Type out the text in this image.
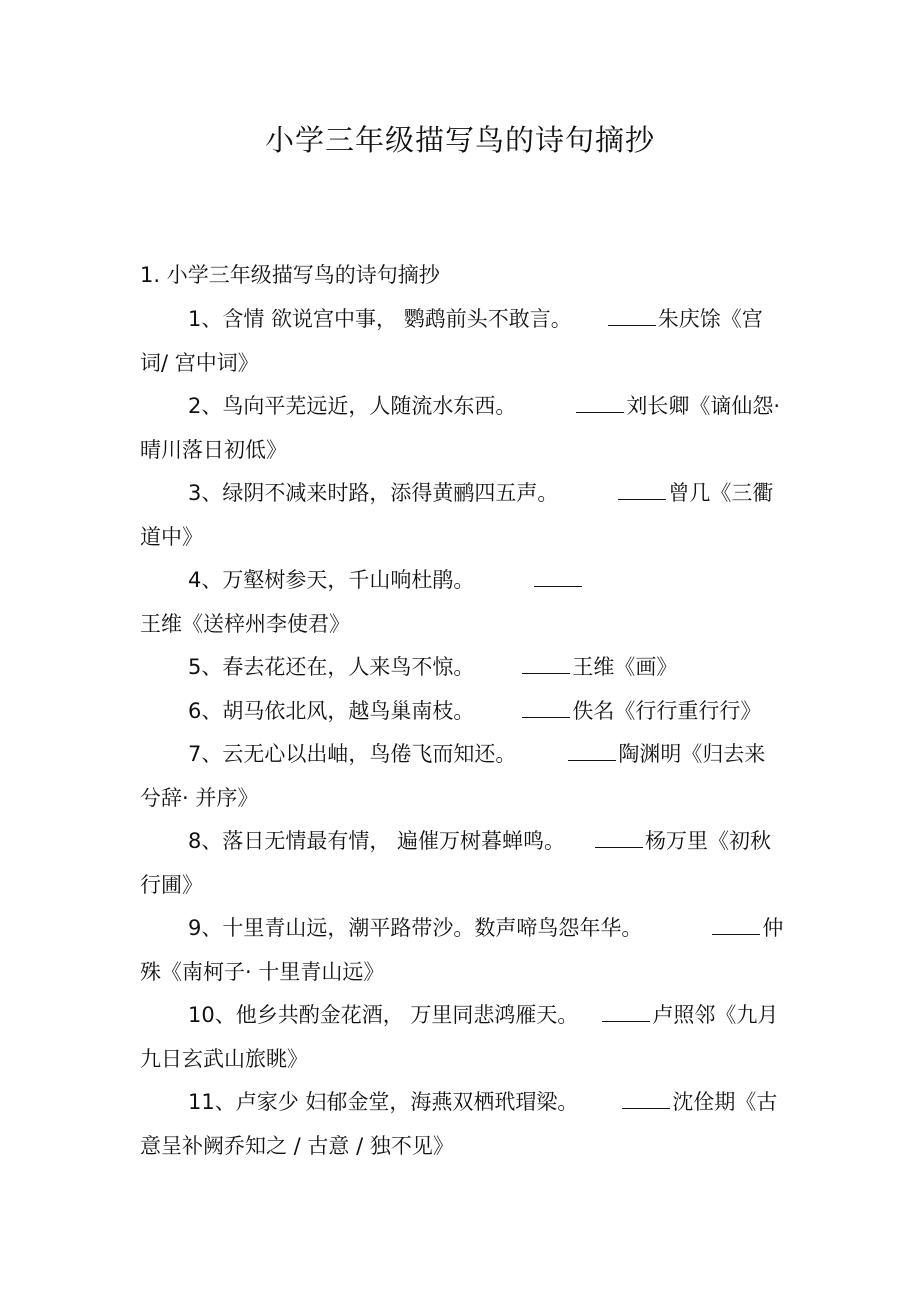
小学三年级描写鸟的诗句摘抄

1. 小学三年级描写鸟的诗句摘抄

1、含情 欲说宫中事， 鹦鹉前头不敢言。	朱庆馀《宫词/ 宫中词》
2、鸟向平芜远近，人随流水东西。	刘长卿《谪仙怨· 晴川落日初低》
3、绿阴不减来时路，添得黄鹂四五声。	曾几《三衢道中》
4、万壑树参天，千山响杜鹃。王维《送梓州李使君》
5、春去花还在，人来鸟不惊。	王维《画》
6、胡马依北风，越鸟巢南枝。	佚名《行行重行行》
7、云无心以出岫，鸟倦飞而知还。	陶渊明《归去来兮辞· 并序》
8、落日无情最有情， 遍催万树暮蝉鸣。	杨万里《初秋行圃》
9、十里青山远，潮平路带沙。数声啼鸟怨年华。	仲殊《南柯子· 十里青山远》
10、他乡共酌金花酒， 万里同悲鸿雁天。	卢照邻《九月九日玄武山旅眺》
11、卢家少 妇郁金堂，海燕双栖玳瑁梁。	沈佺期《古意呈补阙乔知之 / 古意 / 独不见》
